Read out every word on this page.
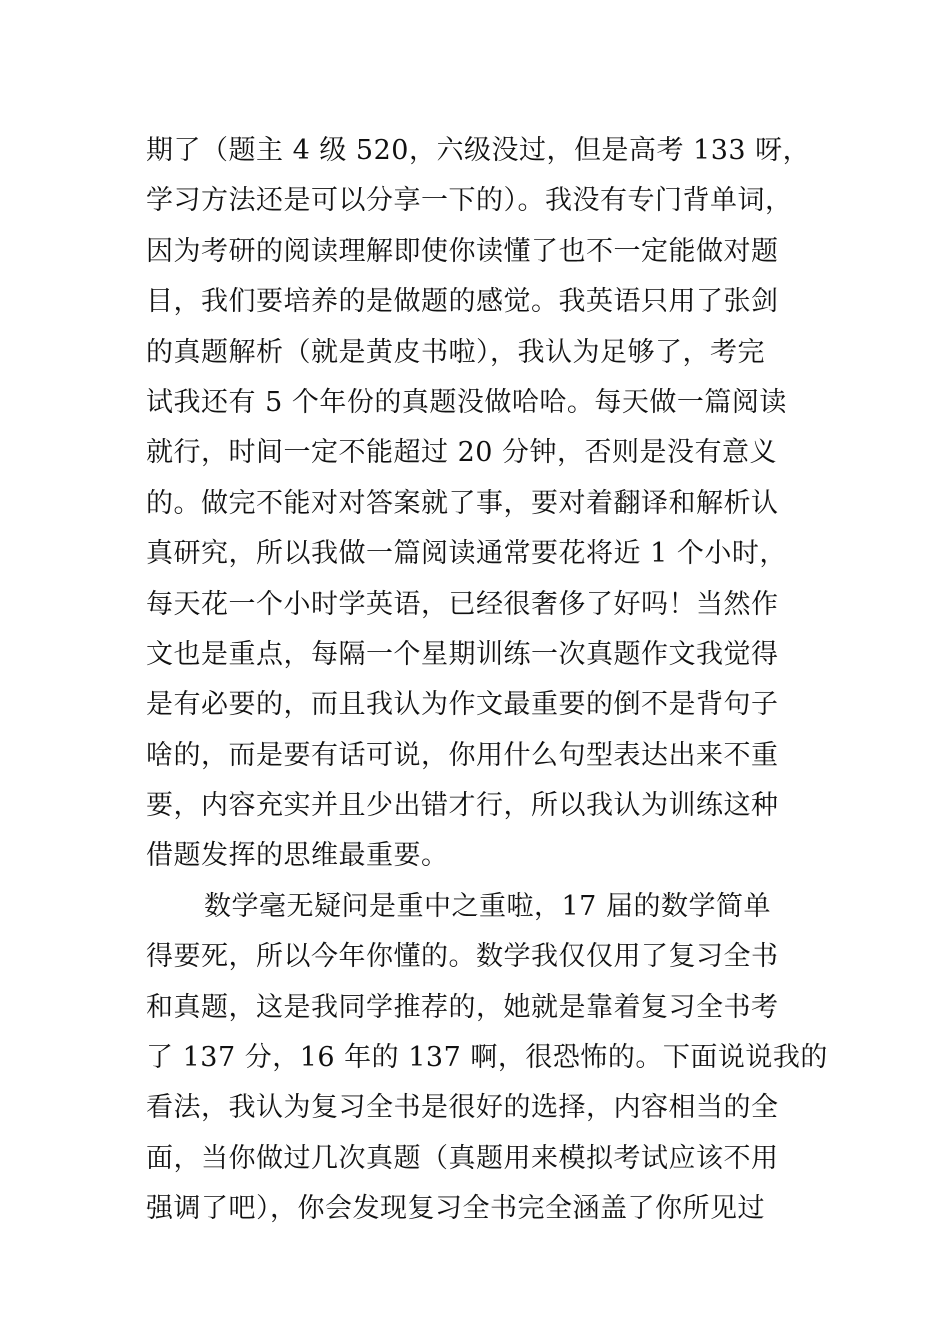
期了（题主 4 级 520，六级没过，但是高考 133 呀，
学习方法还是可以分享一下的）。我没有专门背单词，
因为考研的阅读理解即使你读懂了也不一定能做对题
目，我们要培养的是做题的感觉。我英语只用了张剑
的真题解析（就是黄皮书啦），我认为足够了，考完
试我还有 5 个年份的真题没做哈哈。每天做一篇阅读
就行，时间一定不能超过 20 分钟，否则是没有意义
的。做完不能对对答案就了事，要对着翻译和解析认
真研究，所以我做一篇阅读通常要花将近 1 个小时，
每天花一个小时学英语，已经很奢侈了好吗！当然作
文也是重点，每隔一个星期训练一次真题作文我觉得
是有必要的，而且我认为作文最重要的倒不是背句子
啥的，而是要有话可说，你用什么句型表达出来不重
要，内容充实并且少出错才行，所以我认为训练这种
借题发挥的思维最重要。
数学毫无疑问是重中之重啦，17 届的数学简单
得要死，所以今年你懂的。数学我仅仅用了复习全书
和真题，这是我同学推荐的，她就是靠着复习全书考
了 137 分，16 年的 137 啊，很恐怖的。下面说说我的
看法，我认为复习全书是很好的选择，内容相当的全
面，当你做过几次真题（真题用来模拟考试应该不用
强调了吧），你会发现复习全书完全涵盖了你所见过
